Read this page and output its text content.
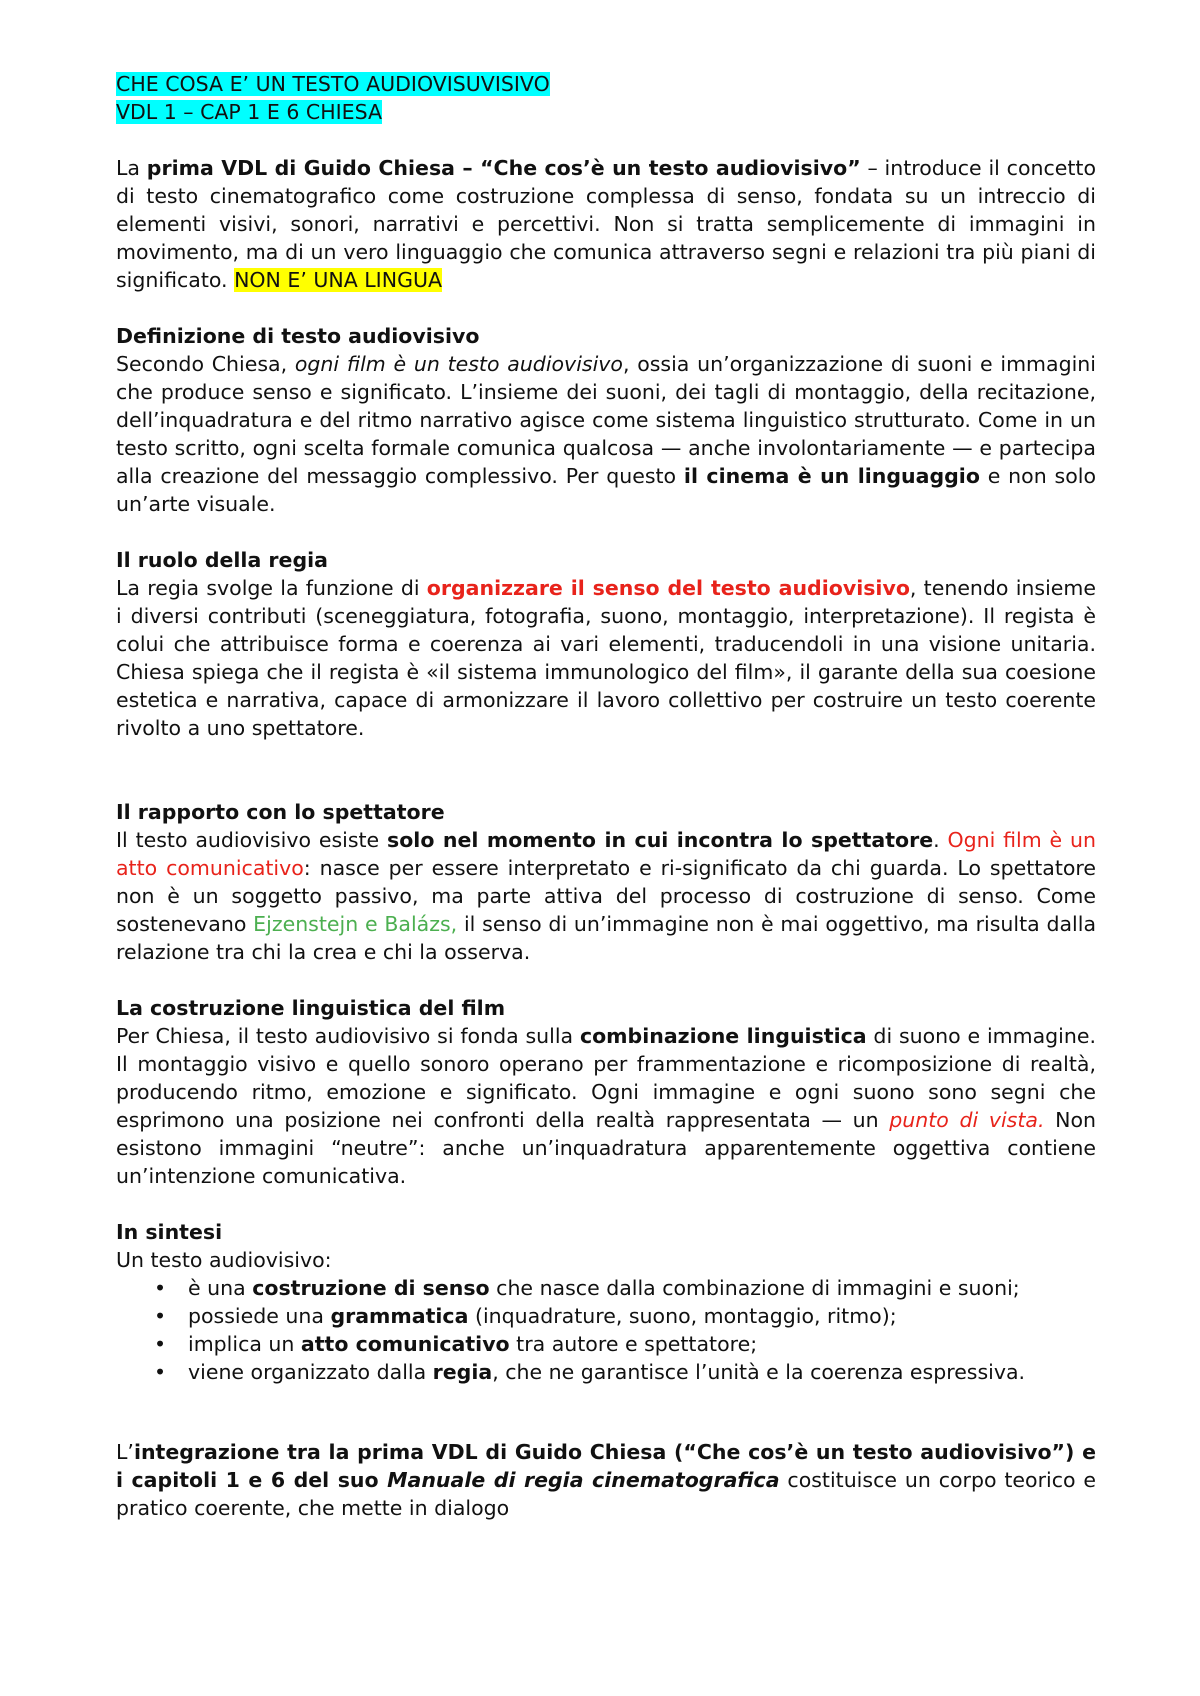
CHE COSA E’ UN TESTO AUDIOVISUVISIVO
VDL 1 – CAP 1 E 6 CHIESA

La prima VDL di Guido Chiesa – “Che cos’è un testo audiovisivo” – introduce il concetto di testo cinematografico come costruzione complessa di senso, fondata su un intreccio di elementi visivi, sonori, narrativi e percettivi. Non si tratta semplicemente di immagini in movimento, ma di un vero linguaggio che comunica attraverso segni e relazioni tra più piani di significato. NON E’ UNA LINGUA

Definizione di testo audiovisivo

Secondo Chiesa, ogni film è un testo audiovisivo, ossia un’organizzazione di suoni e immagini che produce senso e significato. L’insieme dei suoni, dei tagli di montaggio, della recitazione, dell’inquadratura e del ritmo narrativo agisce come sistema linguistico strutturato. Come in un testo scritto, ogni scelta formale comunica qualcosa — anche involontariamente — e partecipa alla creazione del messaggio complessivo. Per questo il cinema è un linguaggio e non solo un’arte visuale.

Il ruolo della regia

La regia svolge la funzione di organizzare il senso del testo audiovisivo, tenendo insieme i diversi contributi (sceneggiatura, fotografia, suono, montaggio, interpretazione). Il regista è colui che attribuisce forma e coerenza ai vari elementi, traducendoli in una visione unitaria. Chiesa spiega che il regista è «il sistema immunologico del film», il garante della sua coesione estetica e narrativa, capace di armonizzare il lavoro collettivo per costruire un testo coerente rivolto a uno spettatore.

Il rapporto con lo spettatore

Il testo audiovisivo esiste solo nel momento in cui incontra lo spettatore. Ogni film è un atto comunicativo: nasce per essere interpretato e ri-significato da chi guarda. Lo spettatore non è un soggetto passivo, ma parte attiva del processo di costruzione di senso. Come sostenevano Ejzenstejn e Balázs, il senso di un’immagine non è mai oggettivo, ma risulta dalla relazione tra chi la crea e chi la osserva.

La costruzione linguistica del film

Per Chiesa, il testo audiovisivo si fonda sulla combinazione linguistica di suono e immagine. Il montaggio visivo e quello sonoro operano per frammentazione e ricomposizione di realtà, producendo ritmo, emozione e significato. Ogni immagine e ogni suono sono segni che esprimono una posizione nei confronti della realtà rappresentata — un punto di vista. Non esistono immagini “neutre”: anche un’inquadratura apparentemente oggettiva contiene un’intenzione comunicativa.

In sintesi

Un testo audiovisivo:

• è una costruzione di senso che nasce dalla combinazione di immagini e suoni;
• possiede una grammatica (inquadrature, suono, montaggio, ritmo);
• implica un atto comunicativo tra autore e spettatore;
• viene organizzato dalla regia, che ne garantisce l’unità e la coerenza espressiva.

L’integrazione tra la prima VDL di Guido Chiesa (“Che cos’è un testo audiovisivo”) e i capitoli 1 e 6 del suo Manuale di regia cinematografica costituisce un corpo teorico e pratico coerente, che mette in dialogo
